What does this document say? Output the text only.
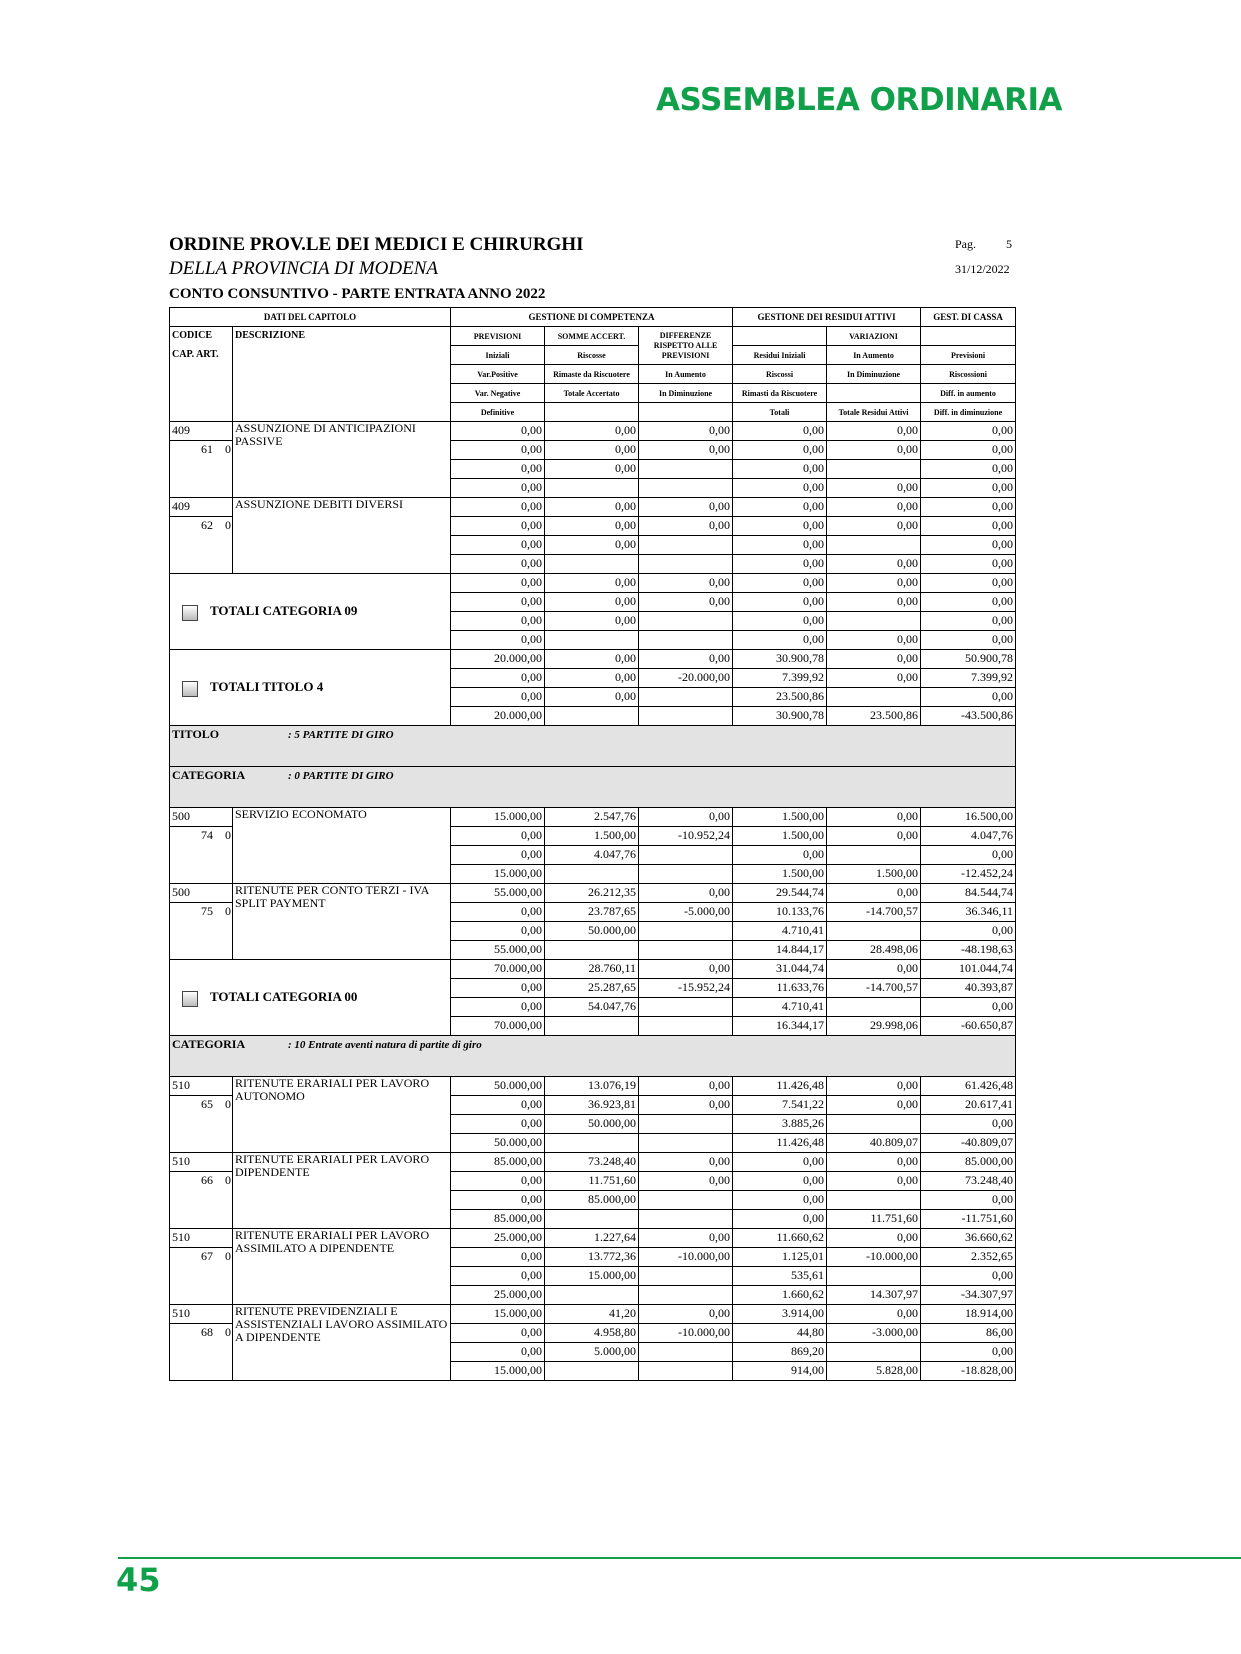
ASSEMBLEA ORDINARIA
ORDINE PROV.LE DEI MEDICI E CHIRURGHI
DELLA PROVINCIA DI MODENA
CONTO CONSUNTIVO - PARTE ENTRATA ANNO 2022
Pag.	5
31/12/2022
DATI DEL CAPITOLO		GESTIONE DI COMPETENZA			GESTIONE DEI RESIDUI ATTIVI		GEST. DI CASSA

CODICE
CAP. ART.	DESCRIZIONE	PREVISIONI	SOMME ACCERT.	DIFFERENZE RISPETTO ALLE PREVISIONI		VARIAZIONI	
		Iniziali	Riscosse		Residui Iniziali	In Aumento	Previsioni
		Var.Positive	Rimaste da Riscuotere	In Aumento	Riscossi	In Diminuzione	Riscossioni
		Var. Negative	Totale Accertato	In Diminuzione	Rimasti da Riscuotere		Diff. in aumento
		Definitive			Totali	Totale Residui Attivi	Diff. in diminuzione
409	ASSUNZIONE DI ANTICIPAZIONI PASSIVE	0,00	0,00	0,00	0,00	0,00	0,00
61 0		0,00	0,00	0,00	0,00	0,00	0,00
		0,00	0,00		0,00		0,00
		0,00			0,00	0,00	0,00
409	ASSUNZIONE DEBITI DIVERSI	0,00	0,00	0,00	0,00	0,00	0,00
62 0		0,00	0,00	0,00	0,00	0,00	0,00
		0,00	0,00		0,00		0,00
		0,00			0,00	0,00	0,00
TOTALI CATEGORIA 09		0,00	0,00	0,00	0,00	0,00	0,00
		0,00	0,00	0,00	0,00	0,00	0,00
		0,00	0,00		0,00		0,00
		0,00			0,00	0,00	0,00
TOTALI TITOLO 4		20.000,00	0,00	0,00	30.900,78	0,00	50.900,78
		0,00	0,00	-20.000,00	7.399,92	0,00	7.399,92
		0,00	0,00		23.500,86		0,00
		20.000,00			30.900,78	23.500,86	-43.500,86
TITOLO : 5 PARTITE DI GIRO							
CATEGORIA : 0 PARTITE DI GIRO							
500	SERVIZIO ECONOMATO	15.000,00	2.547,76	0,00	1.500,00	0,00	16.500,00
74 0		0,00	1.500,00	-10.952,24	1.500,00	0,00	4.047,76
		0,00	4.047,76		0,00		0,00
		15.000,00			1.500,00	1.500,00	-12.452,24
500	RITENUTE PER CONTO TERZI - IVA SPLIT PAYMENT	55.000,00	26.212,35	0,00	29.544,74	0,00	84.544,74
75 0		0,00	23.787,65	-5.000,00	10.133,76	-14.700,57	36.346,11
		0,00	50.000,00		4.710,41		0,00
		55.000,00			14.844,17	28.498,06	-48.198,63
TOTALI CATEGORIA 00		70.000,00	28.760,11	0,00	31.044,74	0,00	101.044,74
		0,00	25.287,65	-15.952,24	11.633,76	-14.700,57	40.393,87
		0,00	54.047,76		4.710,41		0,00
		70.000,00			16.344,17	29.998,06	-60.650,87
CATEGORIA : 10 Entrate aventi natura di partite di giro							
510	RITENUTE ERARIALI PER LAVORO AUTONOMO	50.000,00	13.076,19	0,00	11.426,48	0,00	61.426,48
65 0		0,00	36.923,81	0,00	7.541,22	0,00	20.617,41
		0,00	50.000,00		3.885,26		0,00
		50.000,00			11.426,48	40.809,07	-40.809,07
510	RITENUTE ERARIALI PER LAVORO DIPENDENTE	85.000,00	73.248,40	0,00	0,00	0,00	85.000,00
66 0		0,00	11.751,60	0,00	0,00	0,00	73.248,40
		0,00	85.000,00		0,00		0,00
		85.000,00			0,00	11.751,60	-11.751,60
510	RITENUTE ERARIALI PER LAVORO ASSIMILATO A DIPENDENTE	25.000,00	1.227,64	0,00	11.660,62	0,00	36.660,62
67 0		0,00	13.772,36	-10.000,00	1.125,01	-10.000,00	2.352,65
		0,00	15.000,00		535,61		0,00
		25.000,00			1.660,62	14.307,97	-34.307,97
510	RITENUTE PREVIDENZIALI E ASSISTENZIALI LAVORO ASSIMILATO A DIPENDENTE	15.000,00	41,20	0,00	3.914,00	0,00	18.914,00
68 0		0,00	4.958,80	-10.000,00	44,80	-3.000,00	86,00
		0,00	5.000,00		869,20		0,00
		15.000,00			914,00	5.828,00	-18.828,00
45
